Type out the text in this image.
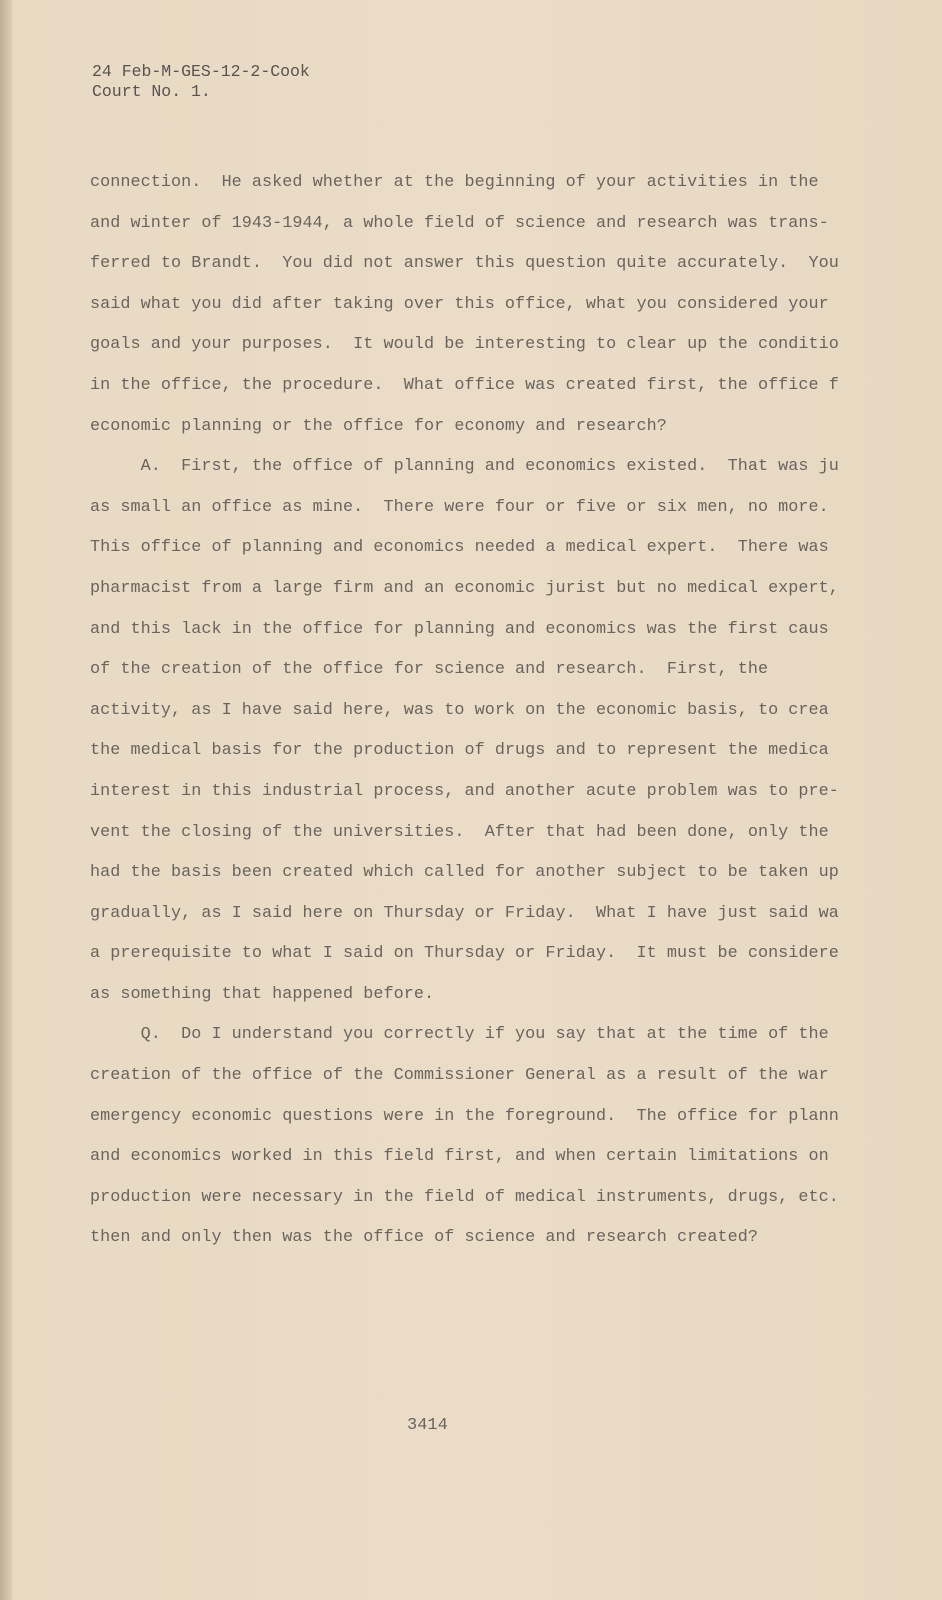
24 Feb-M-GES-12-2-Cook
Court No. 1.
connection.  He asked whether at the beginning of your activities in the
and winter of 1943-1944, a whole field of science and research was trans-
ferred to Brandt.  You did not answer this question quite accurately.  You
said what you did after taking over this office, what you considered your
goals and your purposes.  It would be interesting to clear up the conditio
in the office, the procedure.  What office was created first, the office f
economic planning or the office for economy and research?
A.  First, the office of planning and economics existed.  That was ju
as small an office as mine.  There were four or five or six men, no more.
This office of planning and economics needed a medical expert.  There was
pharmacist from a large firm and an economic jurist but no medical expert,
and this lack in the office for planning and economics was the first caus
of the creation of the office for science and research.  First, the
activity, as I have said here, was to work on the economic basis, to crea
the medical basis for the production of drugs and to represent the medica
interest in this industrial process, and another acute problem was to pre-
vent the closing of the universities.  After that had been done, only the
had the basis been created which called for another subject to be taken up
gradually, as I said here on Thursday or Friday.  What I have just said wa
a prerequisite to what I said on Thursday or Friday.  It must be considere
as something that happened before.
Q.  Do I understand you correctly if you say that at the time of the
creation of the office of the Commissioner General as a result of the war
emergency economic questions were in the foreground.  The office for plann
and economics worked in this field first, and when certain limitations on
production were necessary in the field of medical instruments, drugs, etc.
then and only then was the office of science and research created?
3414
